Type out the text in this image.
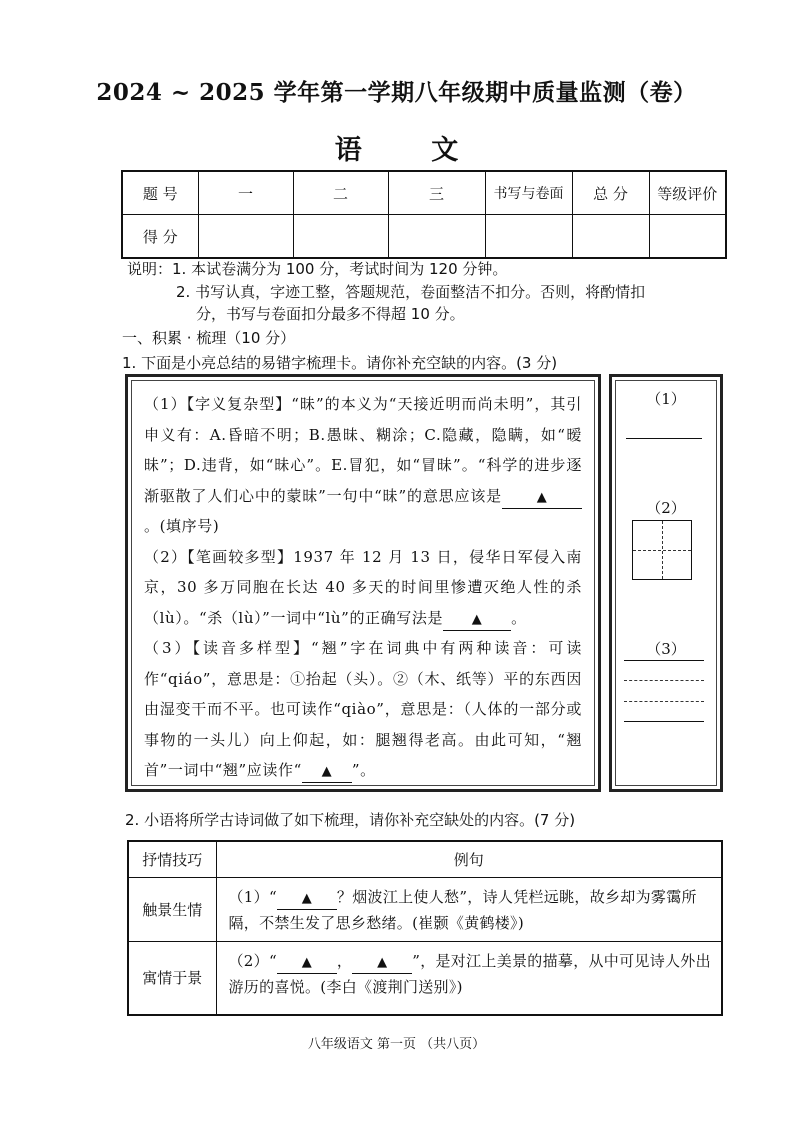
2024 ~ 2025 学年第一学期八年级期中质量监测（卷）
语 文
题 号	一	二	三	书写与卷面	总 分	等级评价
得 分						
说明：1. 本试卷满分为 100 分，考试时间为 120 分钟。
2. 书写认真，字迹工整，答题规范，卷面整洁不扣分。否则，将酌情扣
分，书写与卷面扣分最多不得超 10 分。
一、积累 · 梳理（10 分）
1. 下面是小亮总结的易错字梳理卡。请你补充空缺的内容。(3 分)

（1）【字义复杂型】“昧”的本义为“天接近明而尚未明”，其引申义有：A.昏暗不明；B.愚昧、糊涂；C.隐藏，隐瞒，如“暧昧”；D.违背，如“昧心”。E.冒犯，如“冒昧”。“科学的进步逐渐驱散了人们心中的蒙昧”一句中“昧”的意思应该是	▲。(填序号)

（2）【笔画较多型】1937 年 12 月 13 日，侵华日军侵入南京，30 多万同胞在长达 40 多天的时间里惨遭灭绝人性的杀（lù）。“杀（lù）”一词中“lù”的正确写法是 ▲ 。

（3）【读音多样型】“翘”字在词典中有两种读音：可读作“qiáo”，意思是：①抬起（头）。②（木、纸等）平的东西因由湿变干而不平。也可读作“qiào”，意思是：（人体的一部分或事物的一头儿）向上仰起，如：腿翘得老高。由此可知，“翘首”一词中“翘”应读作“ ▲ ”。

（1）
（2）
（3）
2. 小语将所学古诗词做了如下梳理，请你补充空缺处的内容。(7 分)
抒情技巧	例句
触景生情	（1）“ ▲ ？烟波江上使人愁”，诗人凭栏远眺，故乡却为雾霭所隔，不禁生发了思乡愁绪。(崔颢《黄鹤楼》)
寓情于景	（2）“ ▲ ， ▲ ”，是对江上美景的描摹，从中可见诗人外出游历的喜悦。(李白《渡荆门送别》)
八年级语文 第一页 （共八页）
